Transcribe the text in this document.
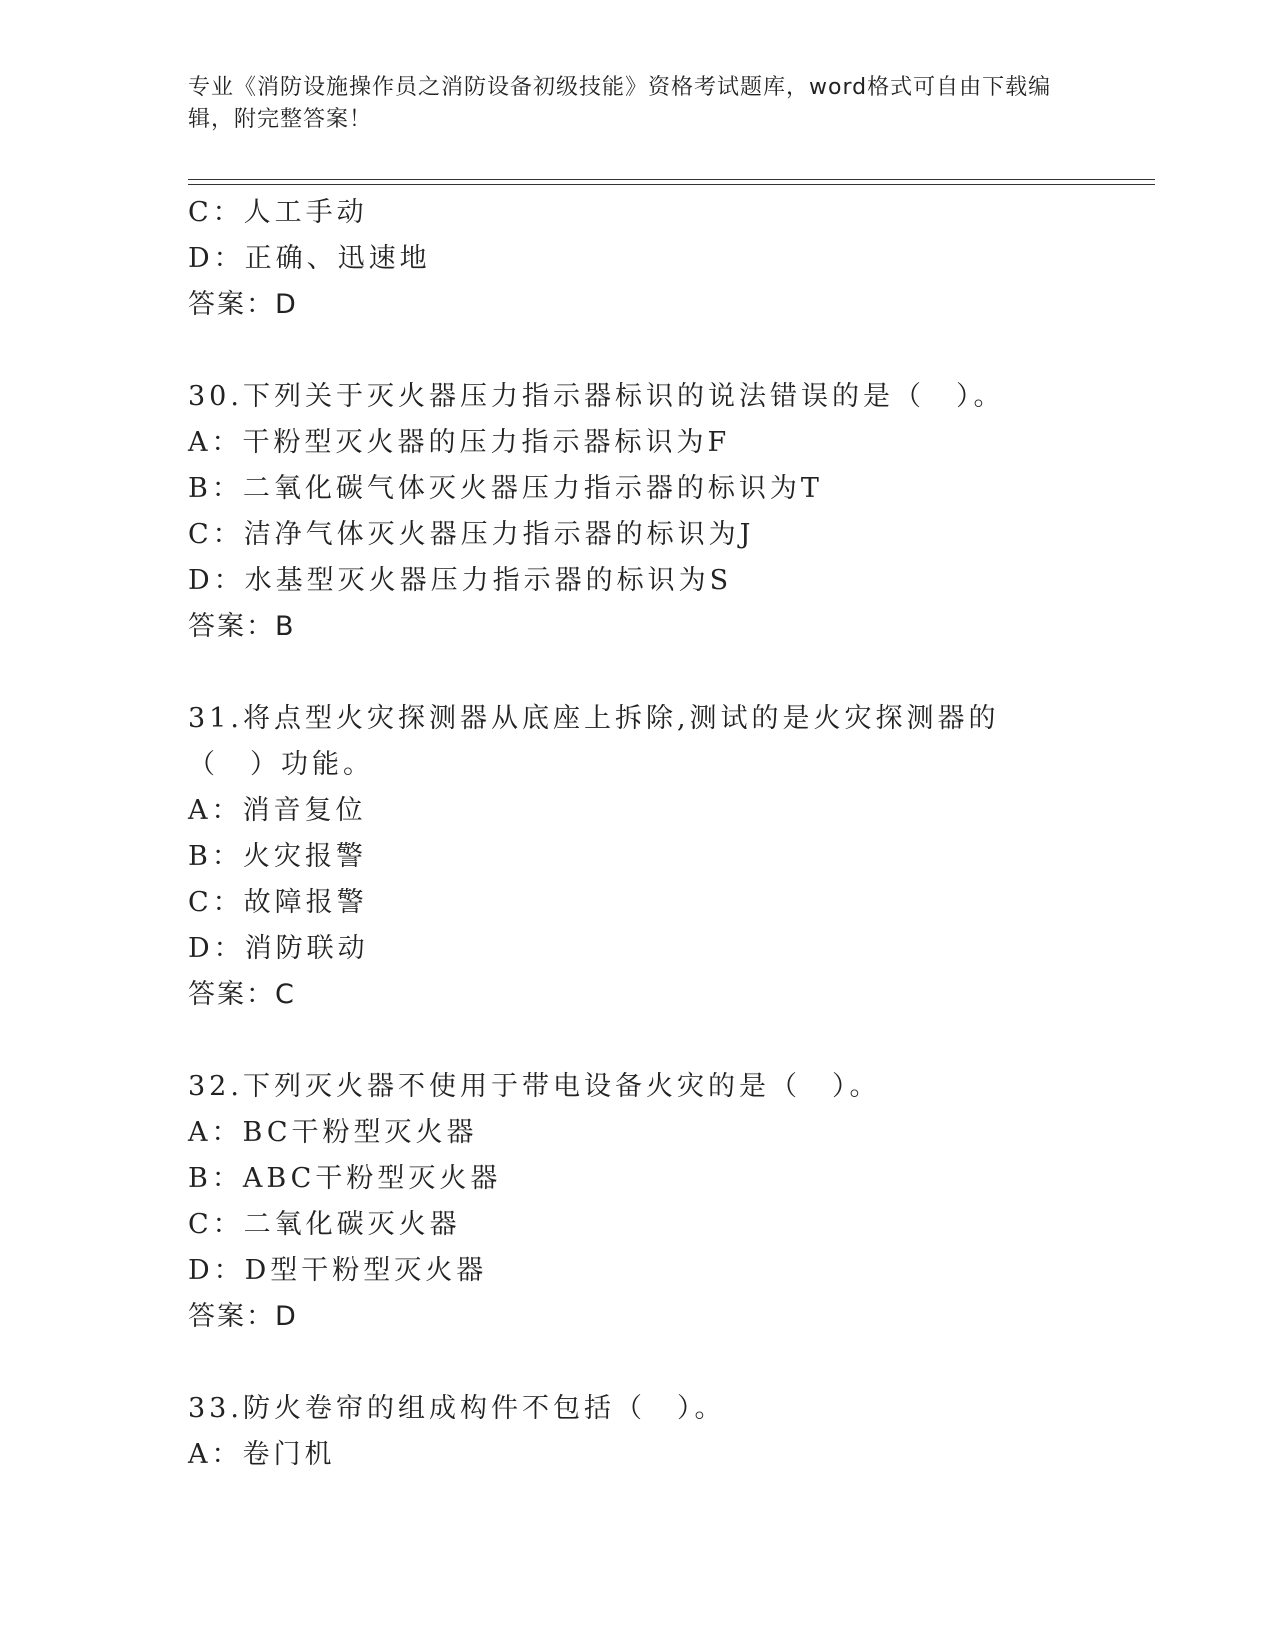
专业《消防设施操作员之消防设备初级技能》资格考试题库，word格式可自由下载编辑，附完整答案！
C：人工手动
D：正确、迅速地
答案：D
30.下列关于灭火器压力指示器标识的说法错误的是（　）。
A：干粉型灭火器的压力指示器标识为F
B：二氧化碳气体灭火器压力指示器的标识为T
C：洁净气体灭火器压力指示器的标识为J
D：水基型灭火器压力指示器的标识为S
答案：B
31.将点型火灾探测器从底座上拆除,测试的是火灾探测器的（　）功能。
A：消音复位
B：火灾报警
C：故障报警
D：消防联动
答案：C
32.下列灭火器不使用于带电设备火灾的是（　）。
A：BC干粉型灭火器
B：ABC干粉型灭火器
C：二氧化碳灭火器
D：D型干粉型灭火器
答案：D
33.防火卷帘的组成构件不包括（　）。
A：卷门机
